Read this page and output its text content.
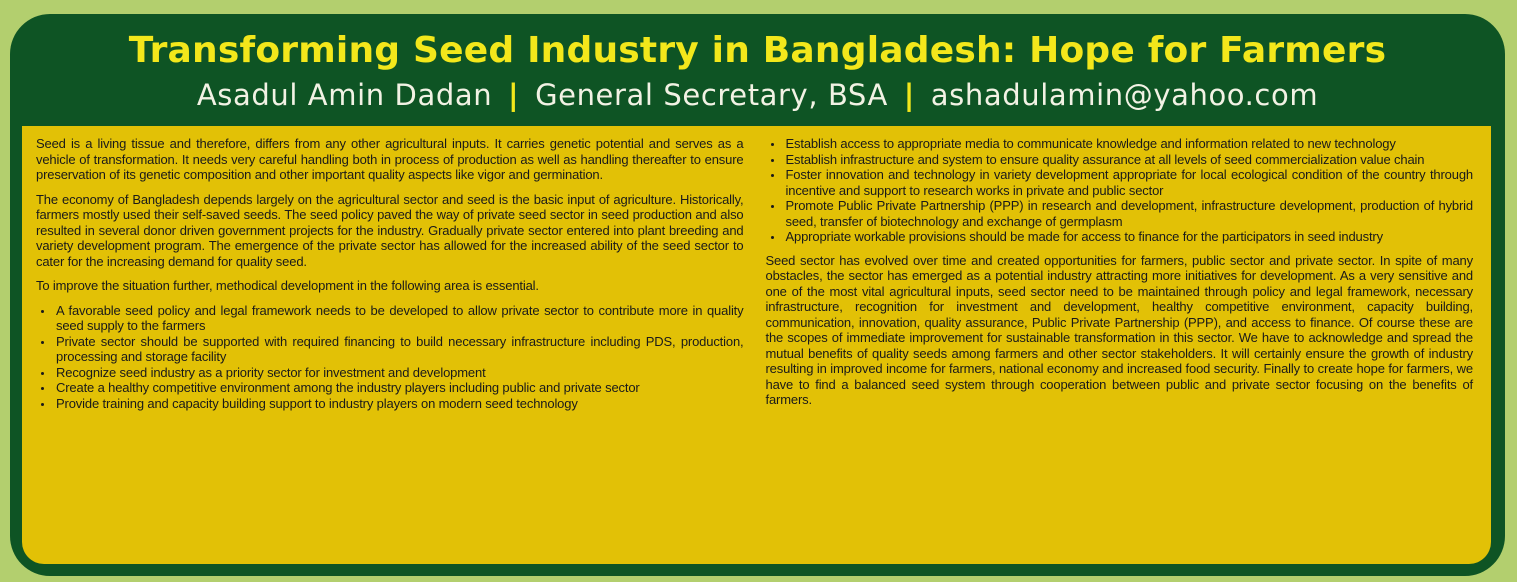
Transforming Seed Industry in Bangladesh: Hope for Farmers
Asadul Amin Dadan | General Secretary, BSA | ashadulamin@yahoo.com

Seed is a living tissue and therefore, differs from any other agricultural inputs. It carries genetic potential and serves as a vehicle of transformation. It needs very careful handling both in process of production as well as handling thereafter to ensure preservation of its genetic composition and other important quality aspects like vigor and germination.

The economy of Bangladesh depends largely on the agricultural sector and seed is the basic input of agriculture. Historically, farmers mostly used their self-saved seeds. The seed policy paved the way of private seed sector in seed production and also resulted in several donor driven government projects for the industry. Gradually private sector entered into plant breeding and variety development program. The emergence of the private sector has allowed for the increased ability of the seed sector to cater for the increasing demand for quality seed.

To improve the situation further, methodical development in the following area is essential.

• A favorable seed policy and legal framework needs to be developed to allow private sector to contribute more in quality seed supply to the farmers
• Private sector should be supported with required financing to build necessary infrastructure including PDS, production, processing and storage facility
• Recognize seed industry as a priority sector for investment and development
• Create a healthy competitive environment among the industry players including public and private sector
• Provide training and capacity building support to industry players on modern seed technology
• Establish access to appropriate media to communicate knowledge and information related to new technology
• Establish infrastructure and system to ensure quality assurance at all levels of seed commercialization value chain
• Foster innovation and technology in variety development appropriate for local ecological condition of the country through incentive and support to research works in private and public sector
• Promote Public Private Partnership (PPP) in research and development, infrastructure development, production of hybrid seed, transfer of biotechnology and exchange of germplasm
• Appropriate workable provisions should be made for access to finance for the participators in seed industry

Seed sector has evolved over time and created opportunities for farmers, public sector and private sector. In spite of many obstacles, the sector has emerged as a potential industry attracting more initiatives for development. As a very sensitive and one of the most vital agricultural inputs, seed sector need to be maintained through policy and legal framework, necessary infrastructure, recognition for investment and development, healthy competitive environment, capacity building, communication, innovation, quality assurance, Public Private Partnership (PPP), and access to finance. Of course these are the scopes of immediate improvement for sustainable transformation in this sector. We have to acknowledge and spread the mutual benefits of quality seeds among farmers and other sector stakeholders. It will certainly ensure the growth of industry resulting in improved income for farmers, national economy and increased food security. Finally to create hope for farmers, we have to find a balanced seed system through cooperation between public and private sector focusing on the benefits of farmers.
